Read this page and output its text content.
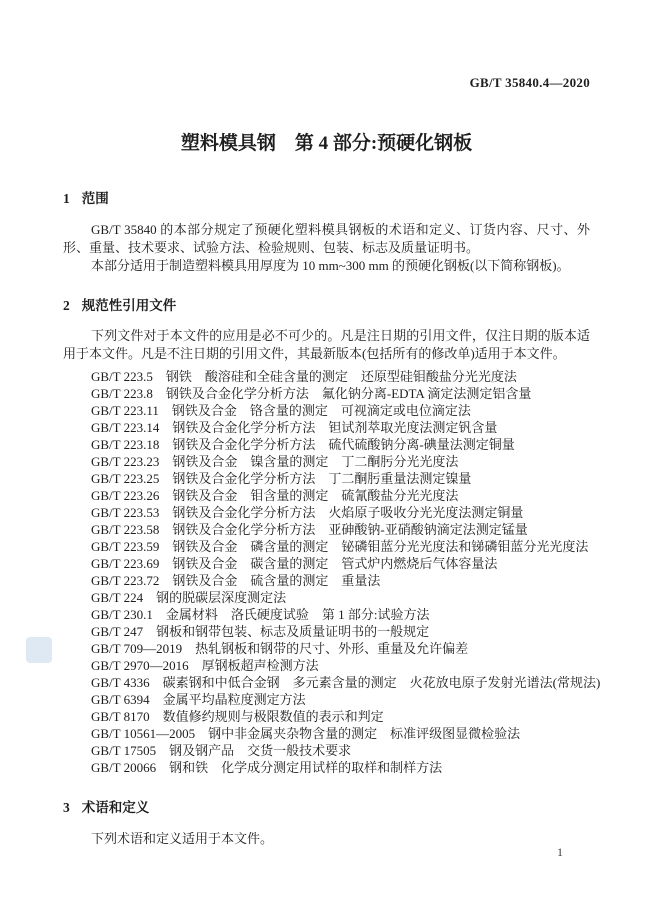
GB/T 35840.4—2020
塑料模具钢　第 4 部分:预硬化钢板
1 范围

GB/T 35840 的本部分规定了预硬化塑料模具钢板的术语和定义、订货内容、尺寸、外形、重量、技术要求、试验方法、检验规则、包装、标志及质量证明书。

本部分适用于制造塑料模具用厚度为 10 mm~300 mm 的预硬化钢板(以下简称钢板)。

2 规范性引用文件

下列文件对于本文件的应用是必不可少的。凡是注日期的引用文件，仅注日期的版本适用于本文件。凡是不注日期的引用文件，其最新版本(包括所有的修改单)适用于本文件。

GB/T 223.5　钢铁　酸溶硅和全硅含量的测定　还原型硅钼酸盐分光光度法
GB/T 223.8　钢铁及合金化学分析方法　氟化钠分离-EDTA 滴定法测定铝含量
GB/T 223.11　钢铁及合金　铬含量的测定　可视滴定或电位滴定法
GB/T 223.14　钢铁及合金化学分析方法　钽试剂萃取光度法测定钒含量
GB/T 223.18　钢铁及合金化学分析方法　硫代硫酸钠分离-碘量法测定铜量
GB/T 223.23　钢铁及合金　镍含量的测定　丁二酮肟分光光度法
GB/T 223.25　钢铁及合金化学分析方法　丁二酮肟重量法测定镍量
GB/T 223.26　钢铁及合金　钼含量的测定　硫氰酸盐分光光度法
GB/T 223.53　钢铁及合金化学分析方法　火焰原子吸收分光光度法测定铜量
GB/T 223.58　钢铁及合金化学分析方法　亚砷酸钠-亚硝酸钠滴定法测定锰量
GB/T 223.59　钢铁及合金　磷含量的测定　铋磷钼蓝分光光度法和锑磷钼蓝分光光度法
GB/T 223.69　钢铁及合金　碳含量的测定　管式炉内燃烧后气体容量法
GB/T 223.72　钢铁及合金　硫含量的测定　重量法
GB/T 224　钢的脱碳层深度测定法
GB/T 230.1　金属材料　洛氏硬度试验　第 1 部分:试验方法
GB/T 247　钢板和钢带包装、标志及质量证明书的一般规定
GB/T 709—2019　热轧钢板和钢带的尺寸、外形、重量及允许偏差
GB/T 2970—2016　厚钢板超声检测方法
GB/T 4336　碳素钢和中低合金钢　多元素含量的测定　火花放电原子发射光谱法(常规法)
GB/T 6394　金属平均晶粒度测定方法
GB/T 8170　数值修约规则与极限数值的表示和判定
GB/T 10561—2005　钢中非金属夹杂物含量的测定　标准评级图显微检验法
GB/T 17505　钢及钢产品　交货一般技术要求
GB/T 20066　钢和铁　化学成分测定用试样的取样和制样方法
3 术语和定义

下列术语和定义适用于本文件。

1
